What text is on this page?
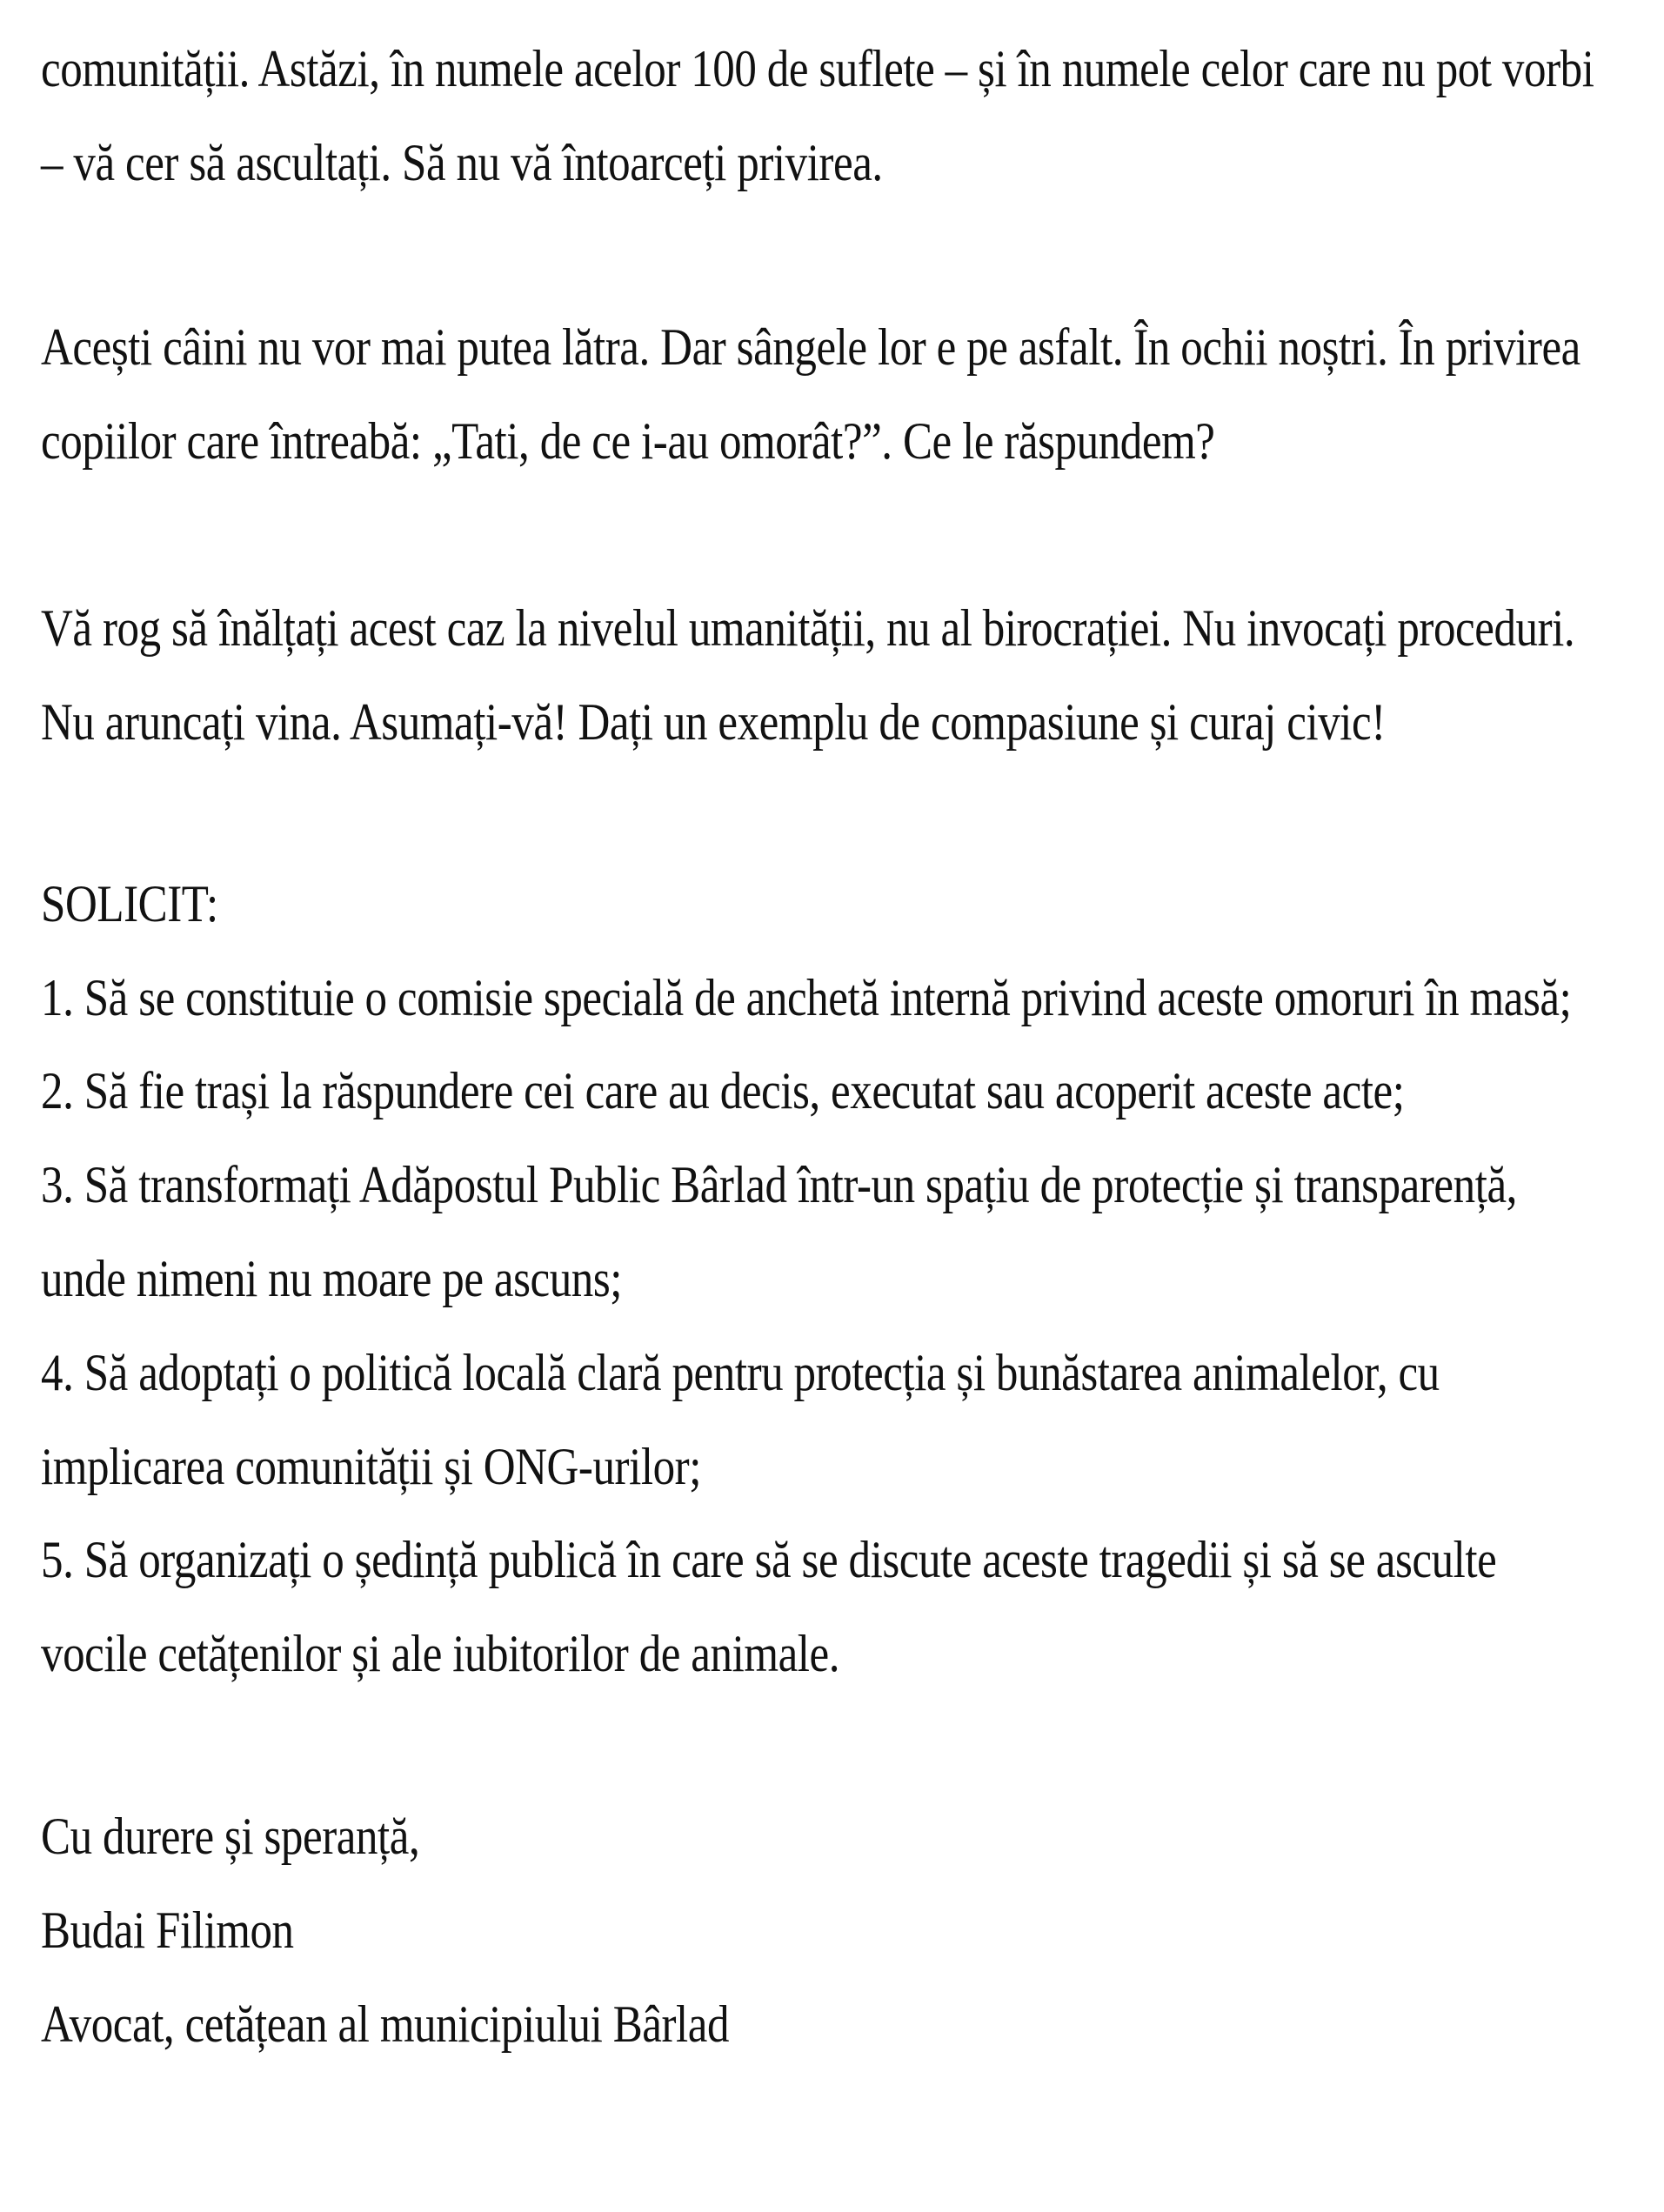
comunității. Astăzi, în numele acelor 100 de suflete – și în numele celor care nu pot vorbi
– vă cer să ascultați. Să nu vă întoarceți privirea.
Acești câini nu vor mai putea lătra. Dar sângele lor e pe asfalt. În ochii noștri. În privirea
copiilor care întreabă: „Tati, de ce i-au omorât?”. Ce le răspundem?
Vă rog să înălțați acest caz la nivelul umanității, nu al birocrației. Nu invocați proceduri.
Nu aruncați vina. Asumați-vă! Dați un exemplu de compasiune și curaj civic!
SOLICIT:
1. Să se constituie o comisie specială de anchetă internă privind aceste omoruri în masă;
2. Să fie trași la răspundere cei care au decis, executat sau acoperit aceste acte;
3. Să transformați Adăpostul Public Bârlad într-un spațiu de protecție și transparență,
unde nimeni nu moare pe ascuns;
4. Să adoptați o politică locală clară pentru protecția și bunăstarea animalelor, cu
implicarea comunității și ONG-urilor;
5. Să organizați o ședință publică în care să se discute aceste tragedii și să se asculte
vocile cetățenilor și ale iubitorilor de animale.
Cu durere și speranță,
Budai Filimon
Avocat, cetățean al municipiului Bârlad
